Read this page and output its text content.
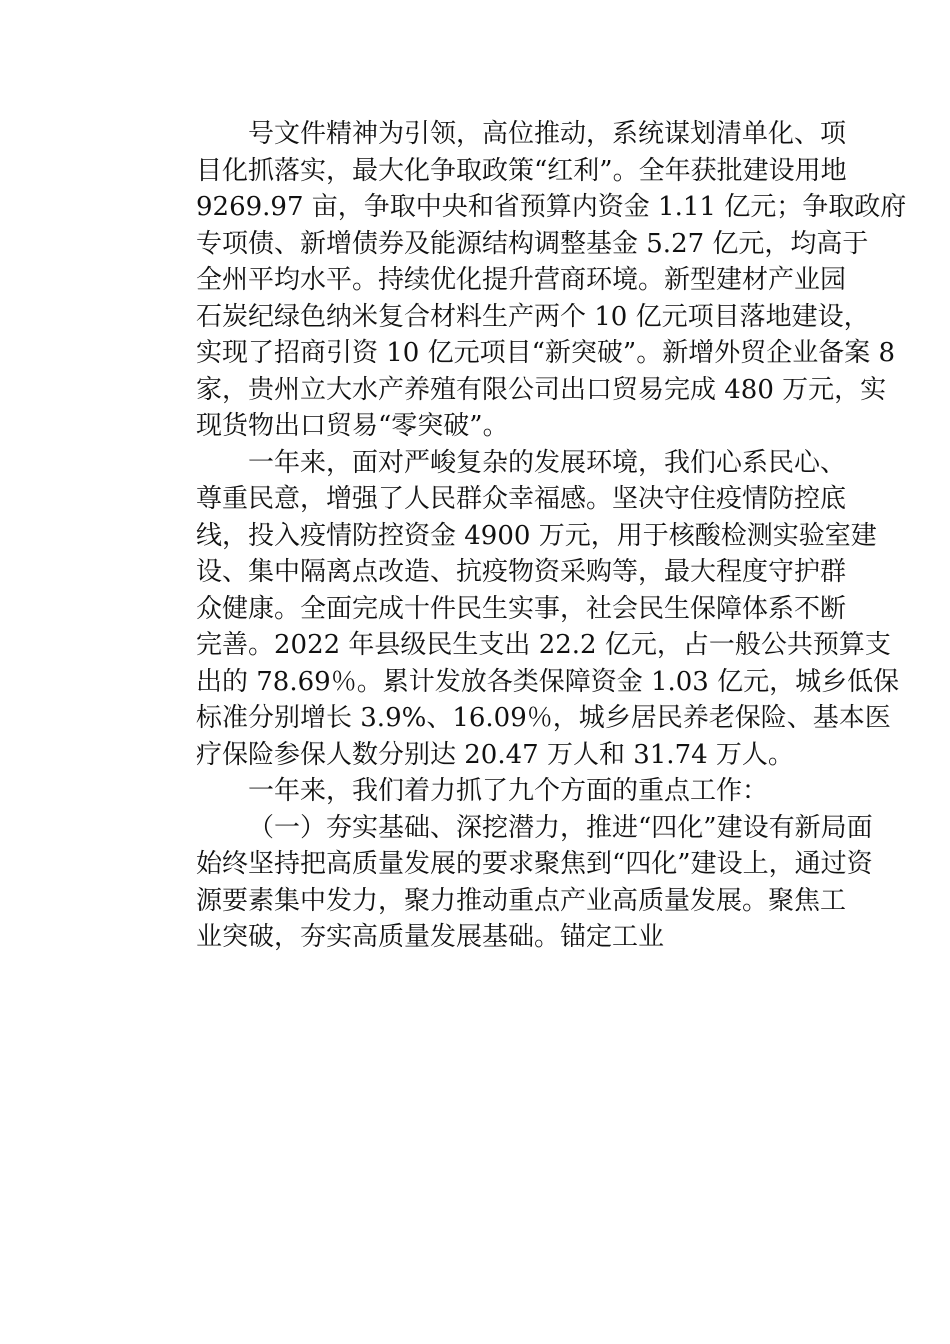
号文件精神为引领，高位推动，系统谋划清单化、项
目化抓落实，最大化争取政策“红利”。全年获批建设用地
9269.97 亩，争取中央和省预算内资金 1.11 亿元；争取政府
专项债、新增债券及能源结构调整基金 5.27 亿元，均高于
全州平均水平。持续优化提升营商环境。新型建材产业园
石炭纪绿色纳米复合材料生产两个 10 亿元项目落地建设，
实现了招商引资 10 亿元项目“新突破”。新增外贸企业备案 8
家，贵州立大水产养殖有限公司出口贸易完成 480 万元，实
现货物出口贸易“零突破”。
一年来，面对严峻复杂的发展环境，我们心系民心、
尊重民意，增强了人民群众幸福感。坚决守住疫情防控底
线，投入疫情防控资金 4900 万元，用于核酸检测实验室建
设、集中隔离点改造、抗疫物资采购等，最大程度守护群
众健康。全面完成十件民生实事，社会民生保障体系不断
完善。2022 年县级民生支出 22.2 亿元，占一般公共预算支
出的 78.69％。累计发放各类保障资金 1.03 亿元，城乡低保
标准分别增长 3.9%、16.09％，城乡居民养老保险、基本医
疗保险参保人数分别达 20.47 万人和 31.74 万人。
一年来，我们着力抓了九个方面的重点工作：
（一）夯实基础、深挖潜力，推进“四化”建设有新局面
始终坚持把高质量发展的要求聚焦到“四化”建设上，通过资
源要素集中发力，聚力推动重点产业高质量发展。聚焦工
业突破，夯实高质量发展基础。锚定工业
